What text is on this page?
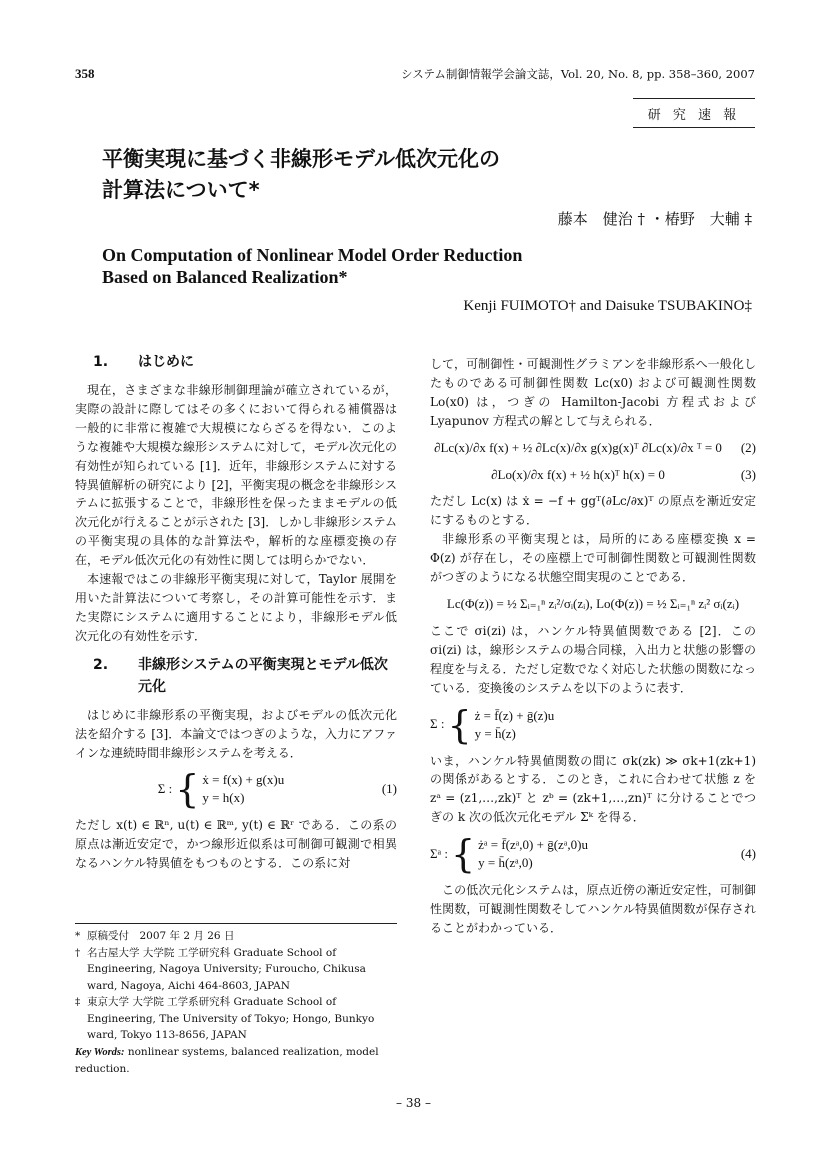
358	システム制御情報学会論文誌，Vol. 20, No. 8, pp. 358–360, 2007
研 究 速 報
平衡実現に基づく非線形モデル低次元化の
計算法について*
藤本　健治 † ・椿野　大輔 ‡
On Computation of Nonlinear Model Order Reduction
Based on Balanced Realization*
Kenji FUIMOTO† and Daisuke TSUBAKINO‡
1.	はじめに

現在，さまざまな非線形制御理論が確立されているが，実際の設計に際してはその多くにおいて得られる補償器は一般的に非常に複雑で大規模にならざるを得ない．このような複雑や大規模な線形システムに対して，モデル次元化の有効性が知られている [1]．近年，非線形システムに対する特異値解析の研究により [2]，平衡実現の概念を非線形システムに拡張することで，非線形性を保ったままモデルの低次元化が行えることが示された [3]．しかし非線形システムの平衡実現の具体的な計算法や，解析的な座標変換の存在，モデル低次元化の有効性に関しては明らかでない．

本速報ではこの非線形平衡実現に対して，Taylor 展開を用いた計算法について考察し，その計算可能性を示す．また実際にシステムに適用することにより，非線形モデル低次元化の有効性を示す．

2.	非線形システムの平衡実現とモデル低次元化

はじめに非線形系の平衡実現，およびモデルの低次元化法を紹介する [3]．本論文ではつぎのような，入力にアファインな連続時間非線形システムを考える．

Σ : { ẋ = f(x) + g(x)u
y = h(x)
(1)

ただし x(t) ∈ ℝⁿ, u(t) ∈ ℝᵐ, y(t) ∈ ℝʳ である．この系の原点は漸近安定で，かつ線形近似系は可制御可観測で相異なるハンケル特異値をもつものとする．この系に対

* 原稿受付　2007 年 2 月 26 日
† 名古屋大学 大学院 工学研究科 Graduate School of Engineering, Nagoya University; Furoucho, Chikusa ward, Nagoya, Aichi 464-8603, JAPAN
‡ 東京大学 大学院 工学系研究科 Graduate School of Engineering, The University of Tokyo; Hongo, Bunkyo ward, Tokyo 113-8656, JAPAN
Key Words: nonlinear systems, balanced realization, model reduction.

して，可制御性・可観測性グラミアンを非線形系へ一般化したものである可制御性関数 Lc(x0) および可観測性関数 Lo(x0) は，つぎの Hamilton-Jacobi 方程式および Lyapunov 方程式の解として与えられる．

∂Lc(x)/∂x f(x) + ½ ∂Lc(x)/∂x g(x)g(x)ᵀ ∂Lc(x)/∂x ᵀ = 0	(2)
∂Lo(x)/∂x f(x) + ½ h(x)ᵀ h(x) = 0	(3)

ただし Lc(x) は ẋ = −f + ggᵀ(∂Lc/∂x)ᵀ の原点を漸近安定にするものとする．

非線形系の平衡実現とは，局所的にある座標変換 x = Φ(z) が存在し，その座標上で可制御性関数と可観測性関数がつぎのようになる状態空間実現のことである．

Lc(Φ(z)) = ½ Σᵢ₌₁ⁿ zᵢ²/σᵢ(zᵢ), Lo(Φ(z)) = ½ Σᵢ₌₁ⁿ zᵢ² σᵢ(zᵢ)

ここで σi(zi) は，ハンケル特異値関数である [2]．このσi(zi) は，線形システムの場合同様，入出力と状態の影響の程度を与える．ただし定数でなく対応した状態の関数になっている．変換後のシステムを以下のように表す．

Σ : { ż = f̄(z) + ḡ(z)u
y = h̄(z)

いま，ハンケル特異値関数の間に σk(zk) ≫ σk+1(zk+1) の関係があるとする．このとき，これに合わせて状態 z を zᵃ = (z1,…,zk)ᵀ と zᵇ = (zk+1,…,zn)ᵀ に分けることでつぎの k 次の低次元化モデル Σᵏ を得る．

Σᵃ : { żᵃ = f̄(zᵃ,0) + ḡ(zᵃ,0)u
y = h̄(zᵃ,0)
(4)

この低次元化システムは，原点近傍の漸近安定性，可制御性関数，可観測性関数そしてハンケル特異値関数が保存されることがわかっている．

– 38 –
